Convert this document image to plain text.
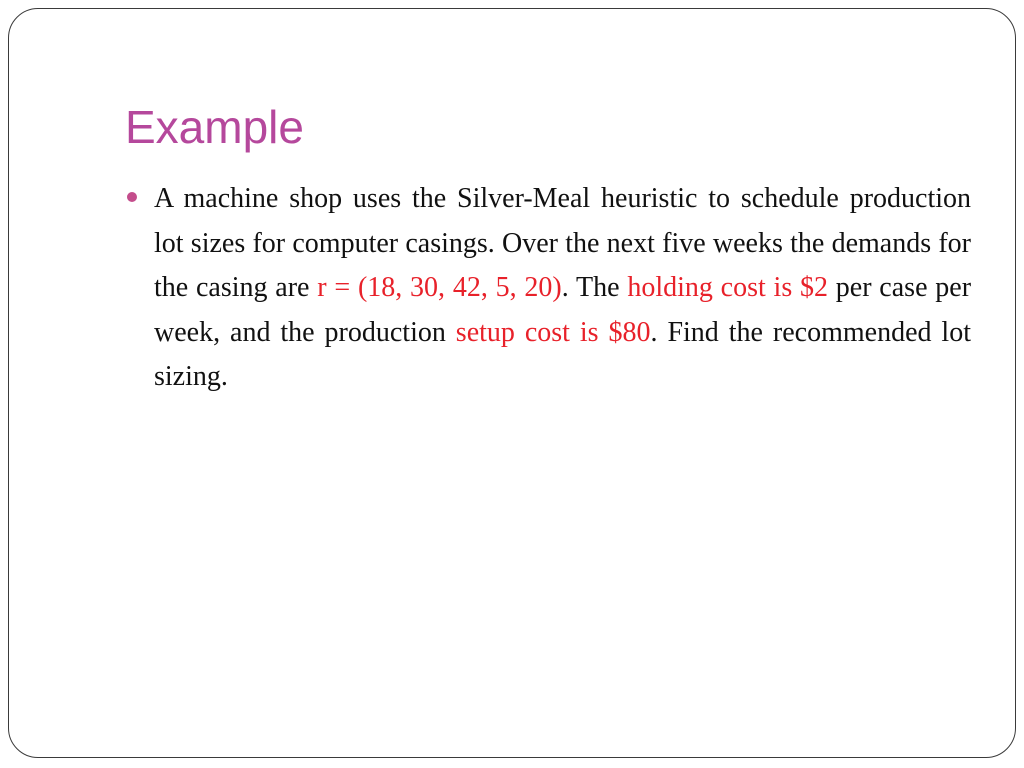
Example
A machine shop uses the Silver-Meal heuristic to schedule production lot sizes for computer casings. Over the next five weeks the demands for the casing are r = (18, 30, 42, 5, 20). The holding cost is $2 per case per week, and the production setup cost is $80. Find the recommended lot sizing.
